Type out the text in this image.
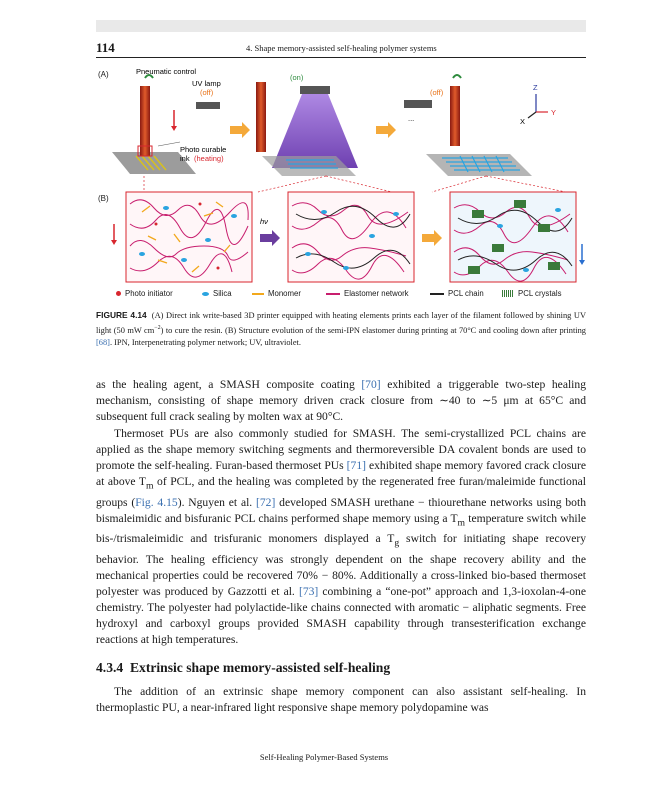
114	4. Shape memory-assisted self-healing polymer systems
(A)
(B)
Pneumatic control
UV lamp
(off)
Photo curable
ink (heating)
(on)
(off)
...
Z
Y
X
hν
Photo initiator	Silica	Monomer	Elastomer network	PCL chain	PCL crystals
FIGURE 4.14 (A) Direct ink write-based 3D printer equipped with heating elements prints each layer of the filament followed by shining UV light (50 mW $cm^{-2}$) to cure the resin. (B) Structure evolution of the semi-IPN elastomer during printing at 70°C and cooling down after printing [68]. IPN, Interpenetrating polymer network; UV, ultraviolet.

as the healing agent, a SMASH composite coating [70] exhibited a triggerable two-step healing mechanism, consisting of shape memory driven crack closure from ∼40 to ∼5 μm at 65°C and subsequent full crack sealing by molten wax at 90°C.

Thermoset PUs are also commonly studied for SMASH. The semi-crystallized PCL chains are applied as the shape memory switching segments and thermoreversible DA covalent bonds are used to promote the self-healing. Furan-based thermoset PUs [71] exhibited shape memory favored crack closure at above $T_m$ of PCL, and the healing was completed by the regenerated free furan/maleimide functional groups (Fig. 4.15). Nguyen et al. [72] developed SMASH urethane − thiourethane networks using both bismaleimidic and bisfuranic PCL chains performed shape memory using a $T_m$ temperature switch while bis-/trismaleimidic and trisfuranic monomers displayed a $T_g$ switch for initiating shape recovery behavior. The healing efficiency was strongly dependent on the shape recovery ability and the mechanical properties could be recovered 70% − 80%. Additionally a cross-linked bio-based thermoset polyester was produced by Gazzotti et al. [73] combining a “one-pot” approach and 1,3-ioxolan-4-one chemistry. The polyester had polylactide-like chains connected with aromatic − aliphatic segments. Free hydroxyl and carboxyl groups provided SMASH capability through transesterification exchange reactions at high temperatures.

4.3.4 Extrinsic shape memory-assisted self-healing

The addition of an extrinsic shape memory component can also assistant self-healing. In thermoplastic PU, a near-infrared light responsive shape memory polydopamine was

Self-Healing Polymer-Based Systems
